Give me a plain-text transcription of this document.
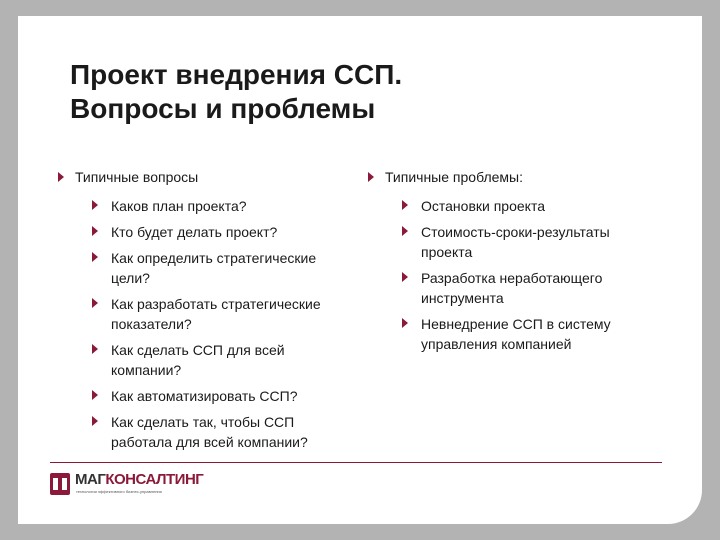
Проект внедрения ССП.
Вопросы и проблемы
Типичные вопросы
Каков план проекта?
Кто будет делать проект?
Как определить стратегические цели?
Как разработать стратегические показатели?
Как сделать ССП для всей компании?
Как автоматизировать ССП?
Как сделать так, чтобы ССП работала для всей компании?
Типичные проблемы:
Остановки проекта
Стоимость-сроки-результаты проекта
Разработка неработающего инструмента
Невнедрение ССП в систему управления компанией
МАГКОНСАЛТИНГ
технологии эффективного бизнес-управления
